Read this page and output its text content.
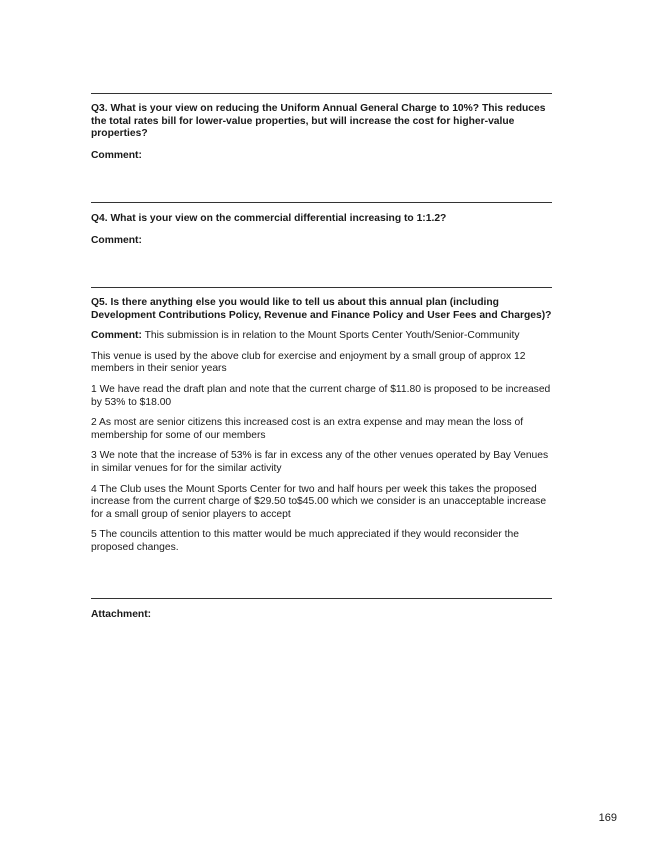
Q3. What is your view on reducing the Uniform Annual General Charge to 10%? This reduces the total rates bill for lower-value properties, but will increase the cost for higher-value properties?

Comment:

Q4. What is your view on the commercial differential increasing to 1:1.2?

Comment:

Q5. Is there anything else you would like to tell us about this annual plan (including Development Contributions Policy, Revenue and Finance Policy and User Fees and Charges)?

Comment: This submission is in relation to the Mount Sports Center Youth/Senior-Community

This venue is used by the above club for exercise and enjoyment by a small group of approx 12 members in their senior years

1 We have read the draft plan and note that the current charge of $11.80 is proposed to be increased by 53% to $18.00

2 As most are senior citizens this increased cost is an extra expense and may mean the loss of membership for some of our members

3 We note that the increase of 53% is far in excess any of the other venues operated by Bay Venues in similar venues for for the similar activity

4 The Club uses the Mount Sports Center for two and half hours per week this takes the proposed increase from the current charge of $29.50 to$45.00 which we consider is an unacceptable increase for a small group of senior players to accept

5 The councils attention to this matter would be much appreciated if they would reconsider the proposed changes.

Attachment:

169
